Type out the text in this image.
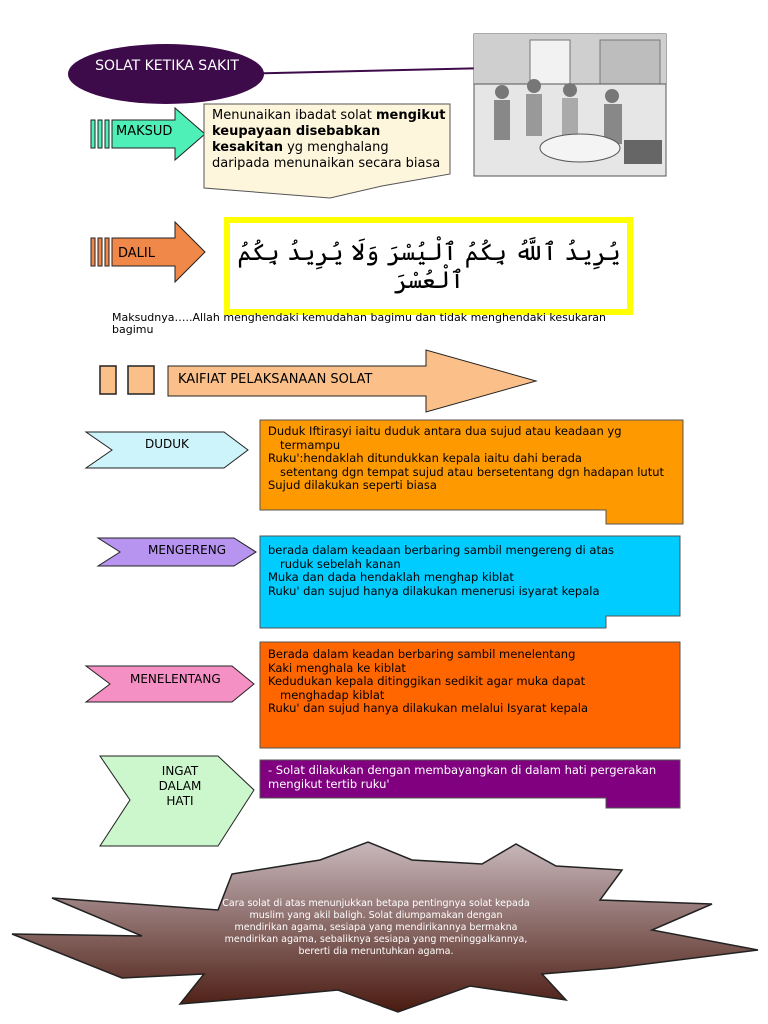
SOLAT KETIKA SAKIT
MAKSUD
Menunaikan ibadat solat mengikut keupayaan disebabkan kesakitan yg menghalang daripada menunaikan secara biasa
DALIL	يُرِيدُ ٱللَّهُ بِكُمُ ٱلْيُسْرَ وَلَا يُرِيدُ بِكُمُ ٱلْعُسْرَ
Maksudnya…..Allah menghendaki kemudahan bagimu dan tidak menghendaki kesukaran bagimu
KAIFIAT PELAKSANAAN SOLAT
DUDUK

Duduk Iftirasyi iaitu duduk antara dua sujud atau keadaan yg

termampu

Ruku':hendaklah ditundukkan kepala iaitu dahi berada

setentang dgn tempat sujud atau bersetentang dgn hadapan lutut

Sujud dilakukan seperti biasa

MENGERENG	berada dalam keadaan berbaring sambil mengereng di atas

ruduk sebelah kanan

Muka dan dada hendaklah menghap kiblat

Ruku' dan sujud hanya dilakukan menerusi isyarat kepala

MENELENTANG

Berada dalam keadan berbaring sambil menelentang

Kaki menghala ke kiblat

Kedudukan kepala ditinggikan sedikit agar muka dapat

menghadap kiblat

Ruku' dan sujud hanya dilakukan melalui Isyarat kepala

INGAT
DALAM
HATI
- Solat dilakukan dengan membayangkan di dalam hati pergerakan mengikut tertib ruku'
Cara solat di atas menunjukkan betapa pentingnya solat kepada muslim yang akil baligh. Solat diumpamakan dengan mendirikan agama, sesiapa yang mendirikannya bermakna mendirikan agama, sebaliknya sesiapa yang meninggalkannya, bererti dia meruntuhkan agama.
